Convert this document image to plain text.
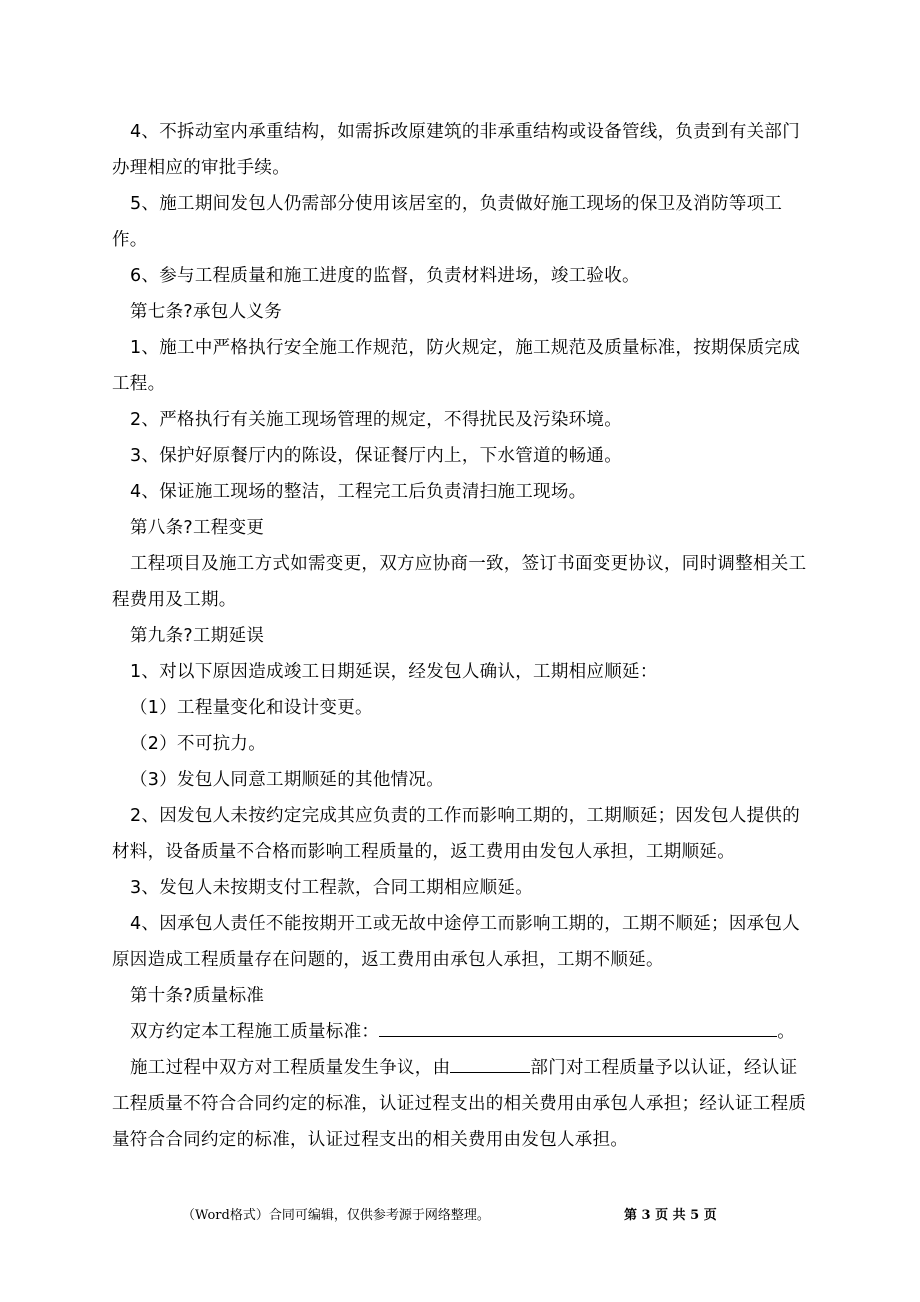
4、不拆动室内承重结构，如需拆改原建筑的非承重结构或设备管线，负责到有关部门办理相应的审批手续。

5、施工期间发包人仍需部分使用该居室的，负责做好施工现场的保卫及消防等项工作。

6、参与工程质量和施工进度的监督，负责材料进场，竣工验收。

第七条?承包人义务

1、施工中严格执行安全施工作规范，防火规定，施工规范及质量标准，按期保质完成工程。

2、严格执行有关施工现场管理的规定，不得扰民及污染环境。

3、保护好原餐厅内的陈设，保证餐厅内上，下水管道的畅通。

4、保证施工现场的整洁，工程完工后负责清扫施工现场。

第八条?工程变更

工程项目及施工方式如需变更，双方应协商一致，签订书面变更协议，同时调整相关工程费用及工期。

第九条?工期延误

1、对以下原因造成竣工日期延误，经发包人确认，工期相应顺延：

（1）工程量变化和设计变更。

（2）不可抗力。

（3）发包人同意工期顺延的其他情况。

2、因发包人未按约定完成其应负责的工作而影响工期的，工期顺延；因发包人提供的材料，设备质量不合格而影响工程质量的，返工费用由发包人承担，工期顺延。

3、发包人未按期支付工程款，合同工期相应顺延。

4、因承包人责任不能按期开工或无故中途停工而影响工期的，工期不顺延；因承包人原因造成工程质量存在问题的，返工费用由承包人承担，工期不顺延。

第十条?质量标准

双方约定本工程施工质量标准：	。

施工过程中双方对工程质量发生争议，由	部门对工程质量予以认证，经认证工程质量不符合合同约定的标准，认证过程支出的相关费用由承包人承担；经认证工程质量符合合同约定的标准，认证过程支出的相关费用由发包人承担。

（Word格式）合同可编辑，仅供参考源于网络整理。	第 3 页 共 5 页
